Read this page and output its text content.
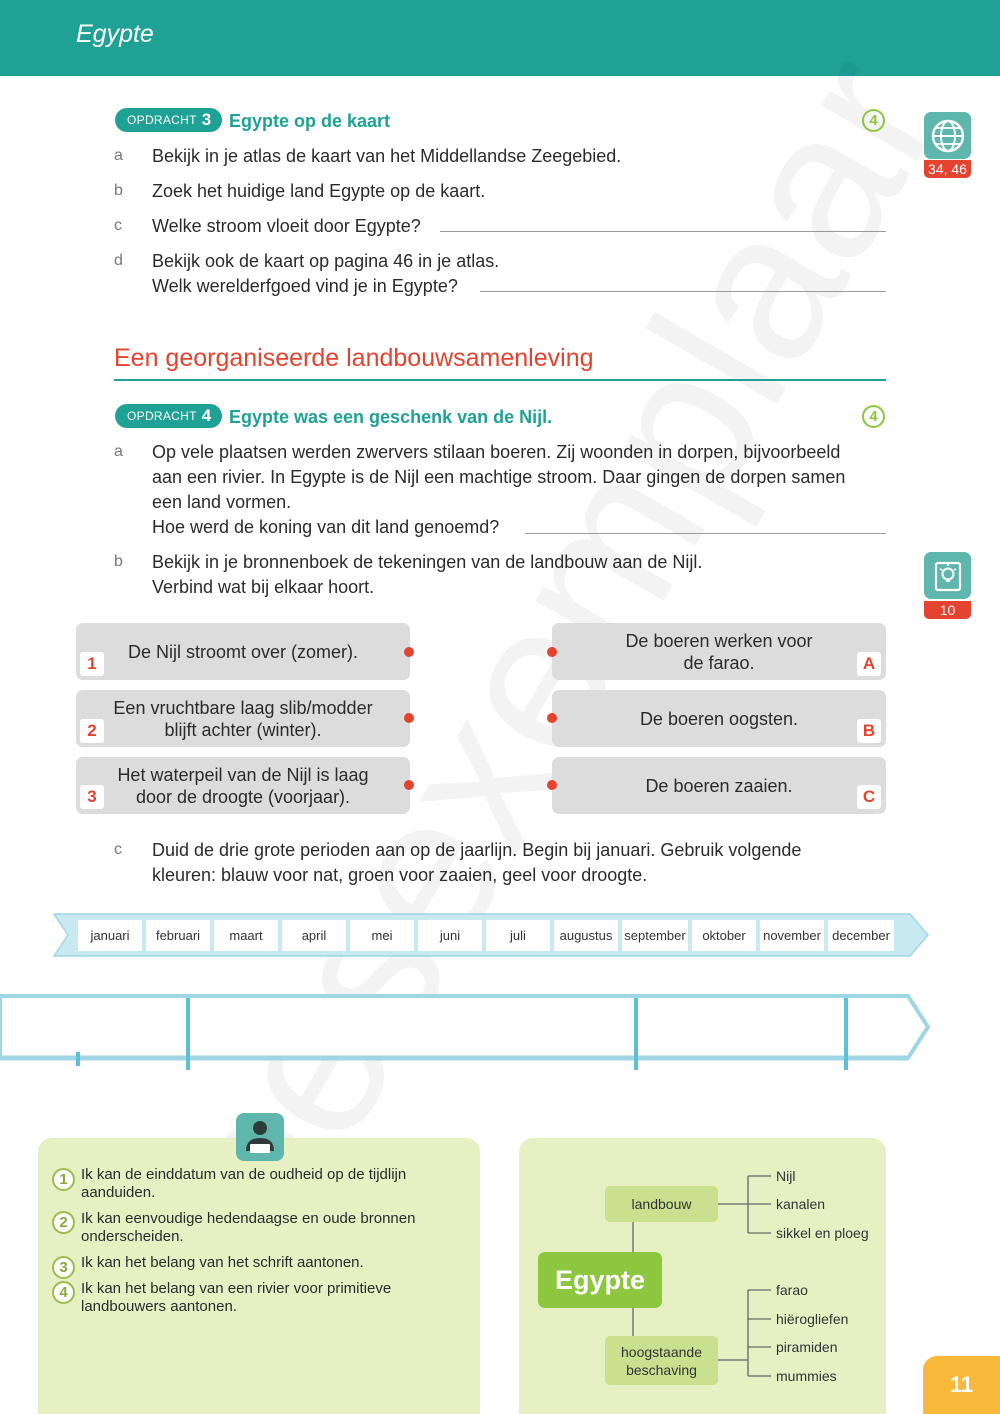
Egypte
34, 46
OPDRACHT 3 Egypte op de kaart	4
a Bekijk in je atlas de kaart van het Middellandse Zeegebied.
b Zoek het huidige land Egypte op de kaart.
c Welke stroom vloeit door Egypte?
d Bekijk ook de kaart op pagina 46 in je atlas.
Welk werelderfgoed vind je in Egypte?
Een georganiseerde landbouwsamenleving
OPDRACHT 4 Egypte was een geschenk van de Nijl.	4
a Op vele plaatsen werden zwervers stilaan boeren. Zij woonden in dorpen, bijvoorbeeld
aan een rivier. In Egypte is de Nijl een machtige stroom. Daar gingen de dorpen samen
een land vormen.
Hoe werd de koning van dit land genoemd?
b Bekijk in je bronnenboek de tekeningen van de landbouw aan de Nijl.
Verbind wat bij elkaar hoort.
10
De Nijl stroomt over (zomer).
1
Een vruchtbare laag slib/modder
blijft achter (winter).
2
Het waterpeil van de Nijl is laag
door de droogte (voorjaar).
3
De boeren werken voor
de farao.	A
De boeren oogsten.
B
De boeren zaaien.
C
c Duid de drie grote perioden aan op de jaarlijn. Begin bij januari. Gebruik volgende
kleuren: blauw voor nat, groen voor zaaien, geel voor droogte.
januari	februari	maart	april	mei	juni	juli	augustus september	oktober	november december
1 Ik kan de einddatum van de oudheid op de tijdlijn
aanduiden.
2 Ik kan eenvoudige hedendaagse en oude bronnen
onderscheiden.
3 Ik kan het belang van het schrift aantonen.
4 Ik kan het belang van een rivier voor primitieve
landbouwers aantonen.
landbouw
Egypte
hoogstaande
beschaving
Nijl
kanalen
sikkel en ploeg
farao
hiërogliefen
piramiden
mummies	11
